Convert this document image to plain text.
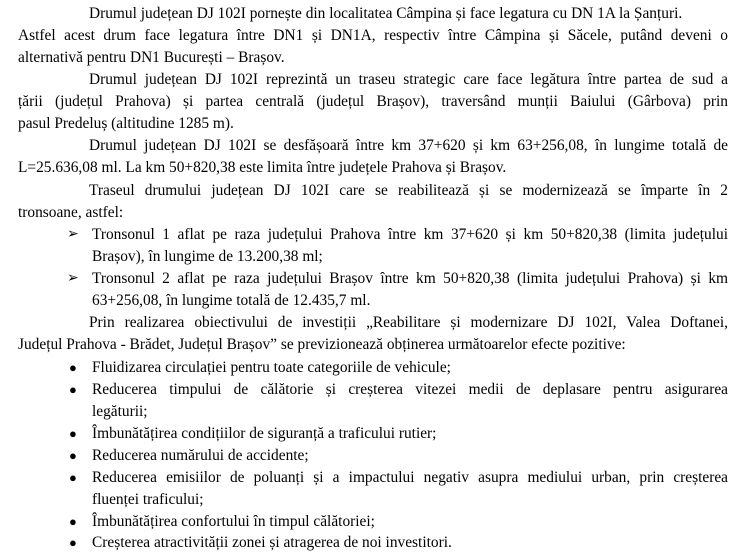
Drumul județean DJ 102I pornește din localitatea Câmpina și face legatura cu DN 1A la Șanțuri.
Astfel acest drum face legatura între DN1 și DN1A, respectiv între Câmpina și Săcele, putând deveni o
alternativă pentru DN1 București – Brașov.
Drumul județean DJ 102I reprezintă un traseu strategic care face legătura între partea de sud a
țării (județul Prahova) și partea centrală (județul Brașov), traversând munții Baiului (Gârbova) prin
pasul Predeluș (altitudine 1285 m).
Drumul județean DJ 102I se desfășoară între km 37+620 și km 63+256,08, în lungime totală de
L=25.636,08 ml. La km 50+820,38 este limita între județele Prahova și Brașov.
Traseul drumului județean DJ 102I care se reabilitează și se modernizează se împarte în 2
tronsoane, astfel:
➢ Tronsonul 1 aflat pe raza județului Prahova între km 37+620 și km 50+820,38 (limita județului
Brașov), în lungime de 13.200,38 ml;
➢ Tronsonul 2 aflat pe raza județului Brașov între km 50+820,38 (limita județului Prahova) și km
63+256,08, în lungime totală de 12.435,7 ml.
Prin realizarea obiectivului de investiții „Reabilitare și modernizare DJ 102I, Valea Doftanei,
Județul Prahova - Brădet, Județul Brașov” se previzionează obținerea următoarelor efecte pozitive:
● Fluidizarea circulației pentru toate categoriile de vehicule;
● Reducerea timpului de călătorie și creșterea vitezei medii de deplasare pentru asigurarea
legăturii;
● Îmbunătățirea condițiilor de siguranță a traficului rutier;
● Reducerea numărului de accidente;
● Reducerea emisiilor de poluanți și a impactului negativ asupra mediului urban, prin creșterea
fluenței traficului;
● Îmbunătățirea confortului în timpul călătoriei;
● Creșterea atractivității zonei și atragerea de noi investitori.
